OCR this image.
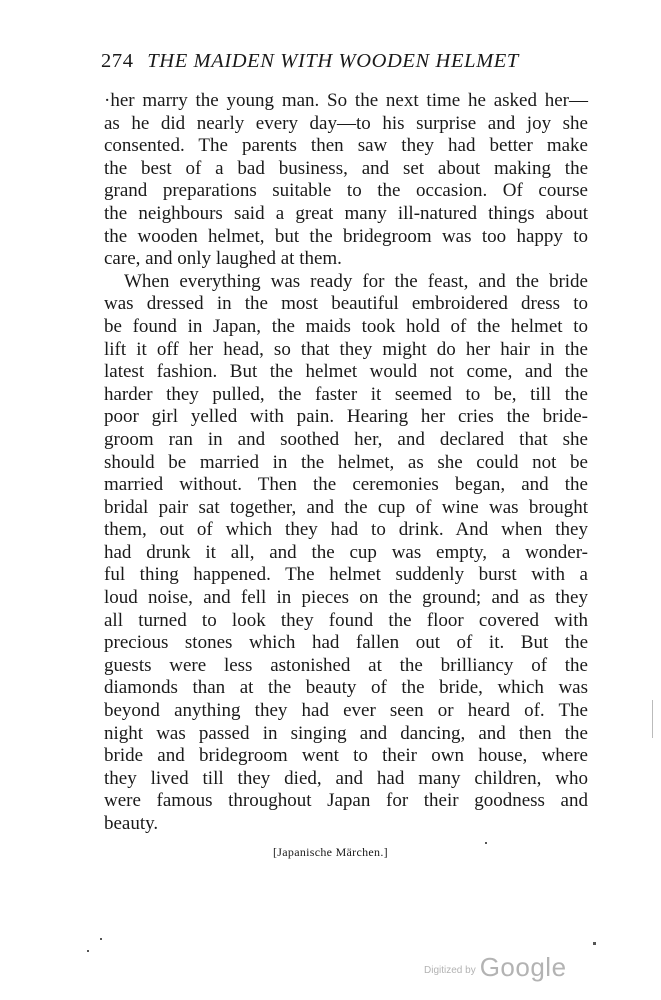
274 THE MAIDEN WITH WOODEN HELMET
·her marry the young man. So the next time he asked her—
as he did nearly every day—to his surprise and joy she
consented. The parents then saw they had better make
the best of a bad business, and set about making the
grand preparations suitable to the occasion. Of course
the neighbours said a great many ill-natured things about
the wooden helmet, but the bridegroom was too happy to
care, and only laughed at them.
When everything was ready for the feast, and the bride
was dressed in the most beautiful embroidered dress to
be found in Japan, the maids took hold of the helmet to
lift it off her head, so that they might do her hair in the
latest fashion. But the helmet would not come, and the
harder they pulled, the faster it seemed to be, till the
poor girl yelled with pain. Hearing her cries the bride-
groom ran in and soothed her, and declared that she
should be married in the helmet, as she could not be
married without. Then the ceremonies began, and the
bridal pair sat together, and the cup of wine was brought
them, out of which they had to drink. And when they
had drunk it all, and the cup was empty, a wonder-
ful thing happened. The helmet suddenly burst with a
loud noise, and fell in pieces on the ground; and as they
all turned to look they found the floor covered with
precious stones which had fallen out of it. But the
guests were less astonished at the brilliancy of the
diamonds than at the beauty of the bride, which was
beyond anything they had ever seen or heard of. The
night was passed in singing and dancing, and then the
bride and bridegroom went to their own house, where
they lived till they died, and had many children, who
were famous throughout Japan for their goodness and
beauty.
[Japanische Märchen.]
Digitized by Google
